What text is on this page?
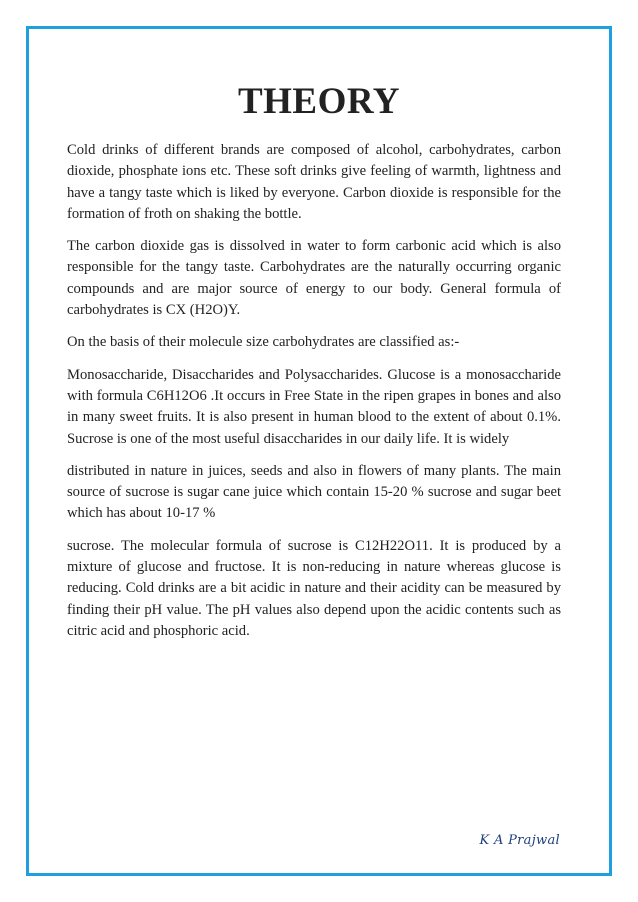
THEORY

Cold drinks of different brands are composed of alcohol, carbohydrates, carbon dioxide, phosphate ions etc. These soft drinks give feeling of warmth, lightness and have a tangy taste which is liked by everyone. Carbon dioxide is responsible for the formation of froth on shaking the bottle.

The carbon dioxide gas is dissolved in water to form carbonic acid which is also responsible for the tangy taste. Carbohydrates are the naturally occurring organic compounds and are major source of energy to our body. General formula of carbohydrates is CX (H2O)Y.

On the basis of their molecule size carbohydrates are classified as:-

Monosaccharide, Disaccharides and Polysaccharides. Glucose is a monosaccharide with formula C6H12O6 .It occurs in Free State in the ripen grapes in bones and also in many sweet fruits. It is also present in human blood to the extent of about 0.1%. Sucrose is one of the most useful disaccharides in our daily life. It is widely

distributed in nature in juices, seeds and also in flowers of many plants. The main source of sucrose is sugar cane juice which contain 15-20 % sucrose and sugar beet which has about 10-17 %

sucrose. The molecular formula of sucrose is C12H22O11. It is produced by a mixture of glucose and fructose. It is non-reducing in nature whereas glucose is reducing. Cold drinks are a bit acidic in nature and their acidity can be measured by finding their pH value. The pH values also depend upon the acidic contents such as citric acid and phosphoric acid.

K A Prajwal
